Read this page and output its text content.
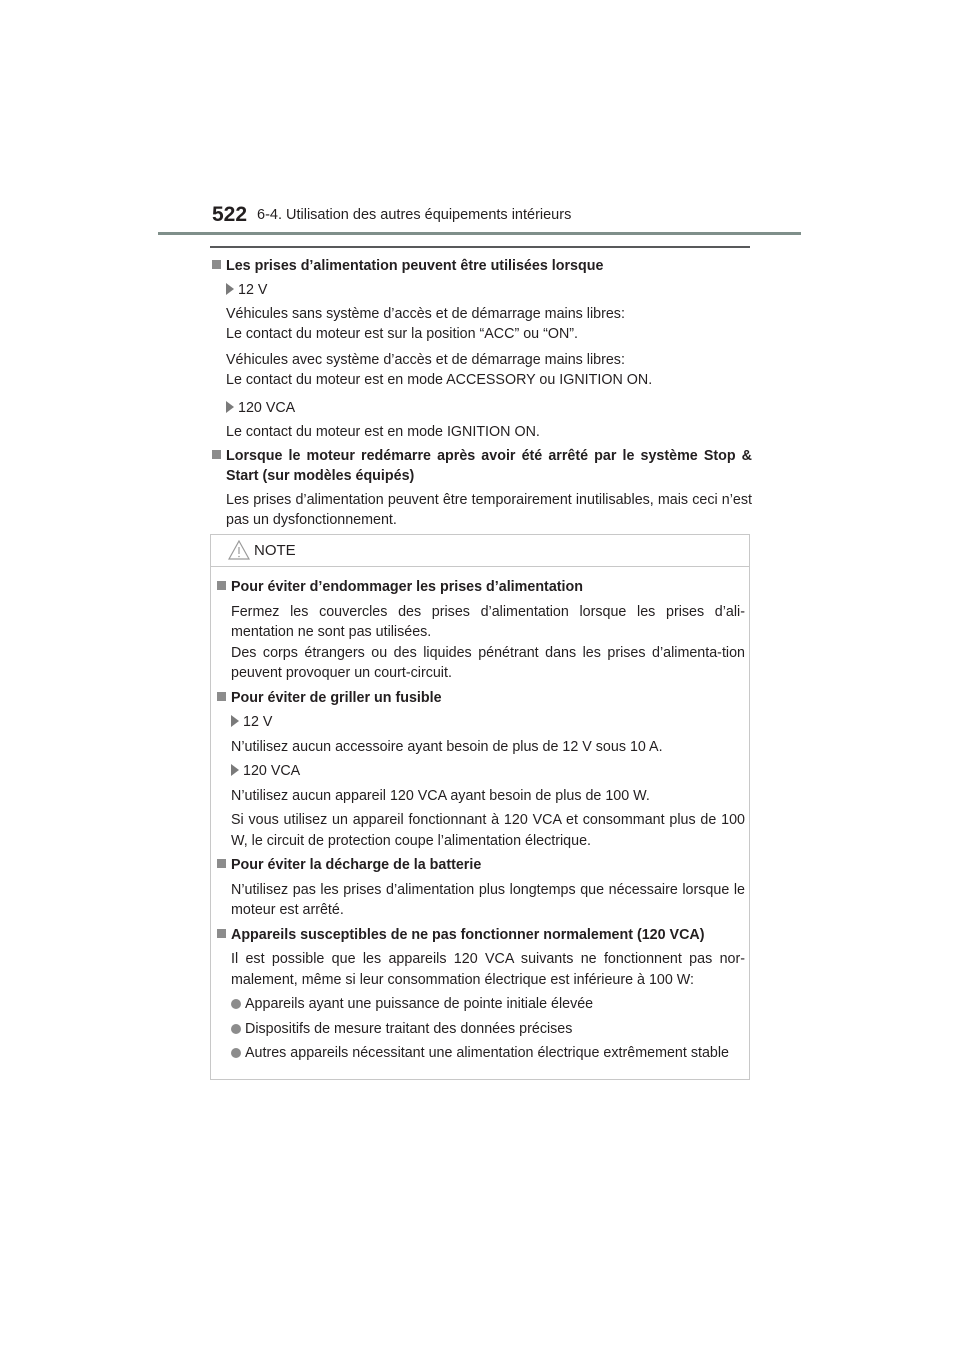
522 6-4. Utilisation des autres équipements intérieurs
Les prises d’alimentation peuvent être utilisées lorsque
12 V
Véhicules sans système d’accès et de démarrage mains libres:
Le contact du moteur est sur la position “ACC” ou “ON”.
Véhicules avec système d’accès et de démarrage mains libres:
Le contact du moteur est en mode ACCESSORY ou IGNITION ON.
120 VCA
Le contact du moteur est en mode IGNITION ON.
Lorsque le moteur redémarre après avoir été arrêté par le système Stop & Start (sur modèles équipés)
Les prises d’alimentation peuvent être temporairement inutilisables, mais ceci n’est pas un dysfonctionnement.
NOTE
Pour éviter d’endommager les prises d’alimentation
Fermez les couvercles des prises d’alimentation lorsque les prises d’ali-mentation ne sont pas utilisées.
Des corps étrangers ou des liquides pénétrant dans les prises d’alimenta-tion peuvent provoquer un court-circuit.
Pour éviter de griller un fusible
12 V
N’utilisez aucun accessoire ayant besoin de plus de 12 V sous 10 A.
120 VCA
N’utilisez aucun appareil 120 VCA ayant besoin de plus de 100 W.
Si vous utilisez un appareil fonctionnant à 120 VCA et consommant plus de 100 W, le circuit de protection coupe l’alimentation électrique.
Pour éviter la décharge de la batterie
N’utilisez pas les prises d’alimentation plus longtemps que nécessaire lorsque le moteur est arrêté.
Appareils susceptibles de ne pas fonctionner normalement (120 VCA)
Il est possible que les appareils 120 VCA suivants ne fonctionnent pas nor-malement, même si leur consommation électrique est inférieure à 100 W:
Appareils ayant une puissance de pointe initiale élevée
Dispositifs de mesure traitant des données précises
Autres appareils nécessitant une alimentation électrique extrêmement stable
